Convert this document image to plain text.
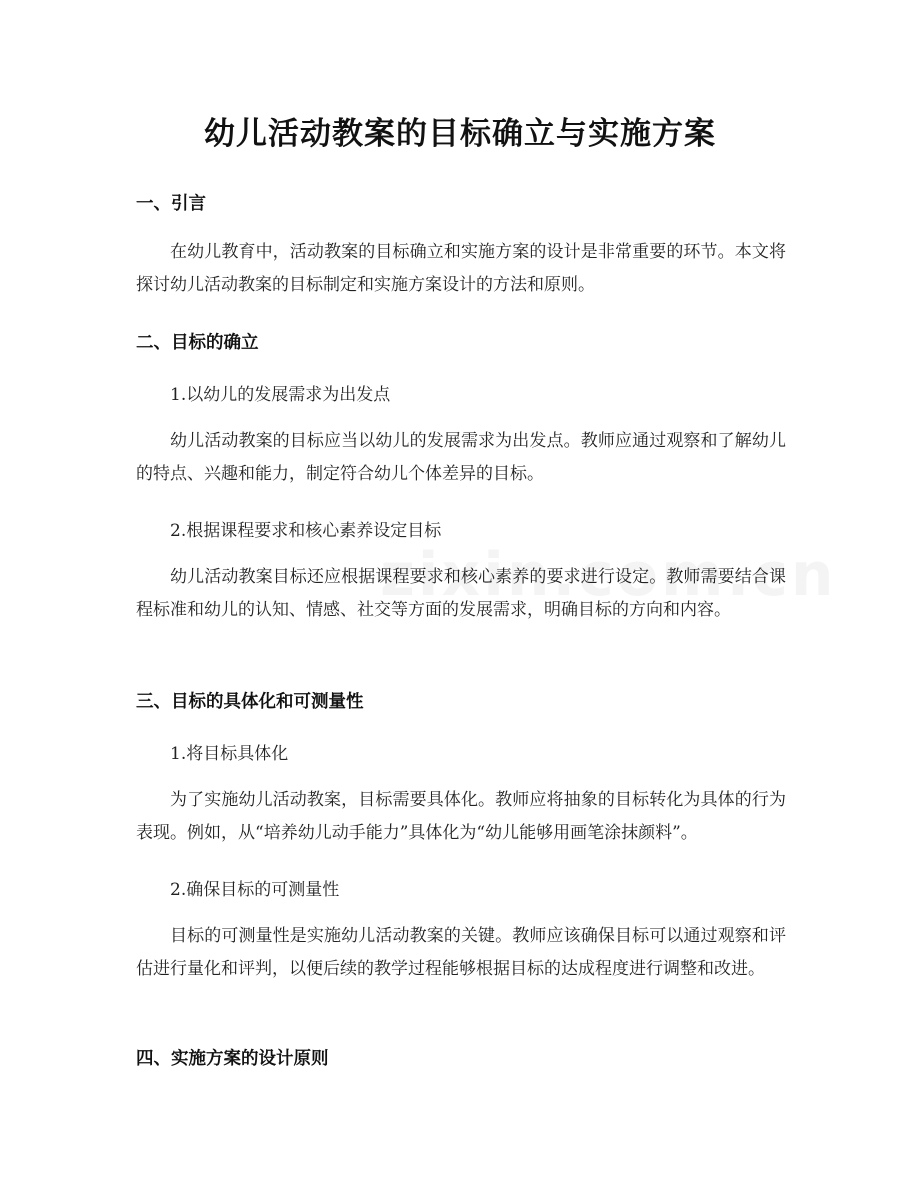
幼儿活动教案的目标确立与实施方案
一、引言
在幼儿教育中，活动教案的目标确立和实施方案的设计是非常重要的环节。本文将探讨幼儿活动教案的目标制定和实施方案设计的方法和原则。
二、目标的确立
1.以幼儿的发展需求为出发点
幼儿活动教案的目标应当以幼儿的发展需求为出发点。教师应通过观察和了解幼儿的特点、兴趣和能力，制定符合幼儿个体差异的目标。
2.根据课程要求和核心素养设定目标
幼儿活动教案目标还应根据课程要求和核心素养的要求进行设定。教师需要结合课程标准和幼儿的认知、情感、社交等方面的发展需求，明确目标的方向和内容。
三、目标的具体化和可测量性
1.将目标具体化
为了实施幼儿活动教案，目标需要具体化。教师应将抽象的目标转化为具体的行为表现。例如，从“培养幼儿动手能力”具体化为“幼儿能够用画笔涂抹颜料”。
2.确保目标的可测量性
目标的可测量性是实施幼儿活动教案的关键。教师应该确保目标可以通过观察和评估进行量化和评判，以便后续的教学过程能够根据目标的达成程度进行调整和改进。
四、实施方案的设计原则
